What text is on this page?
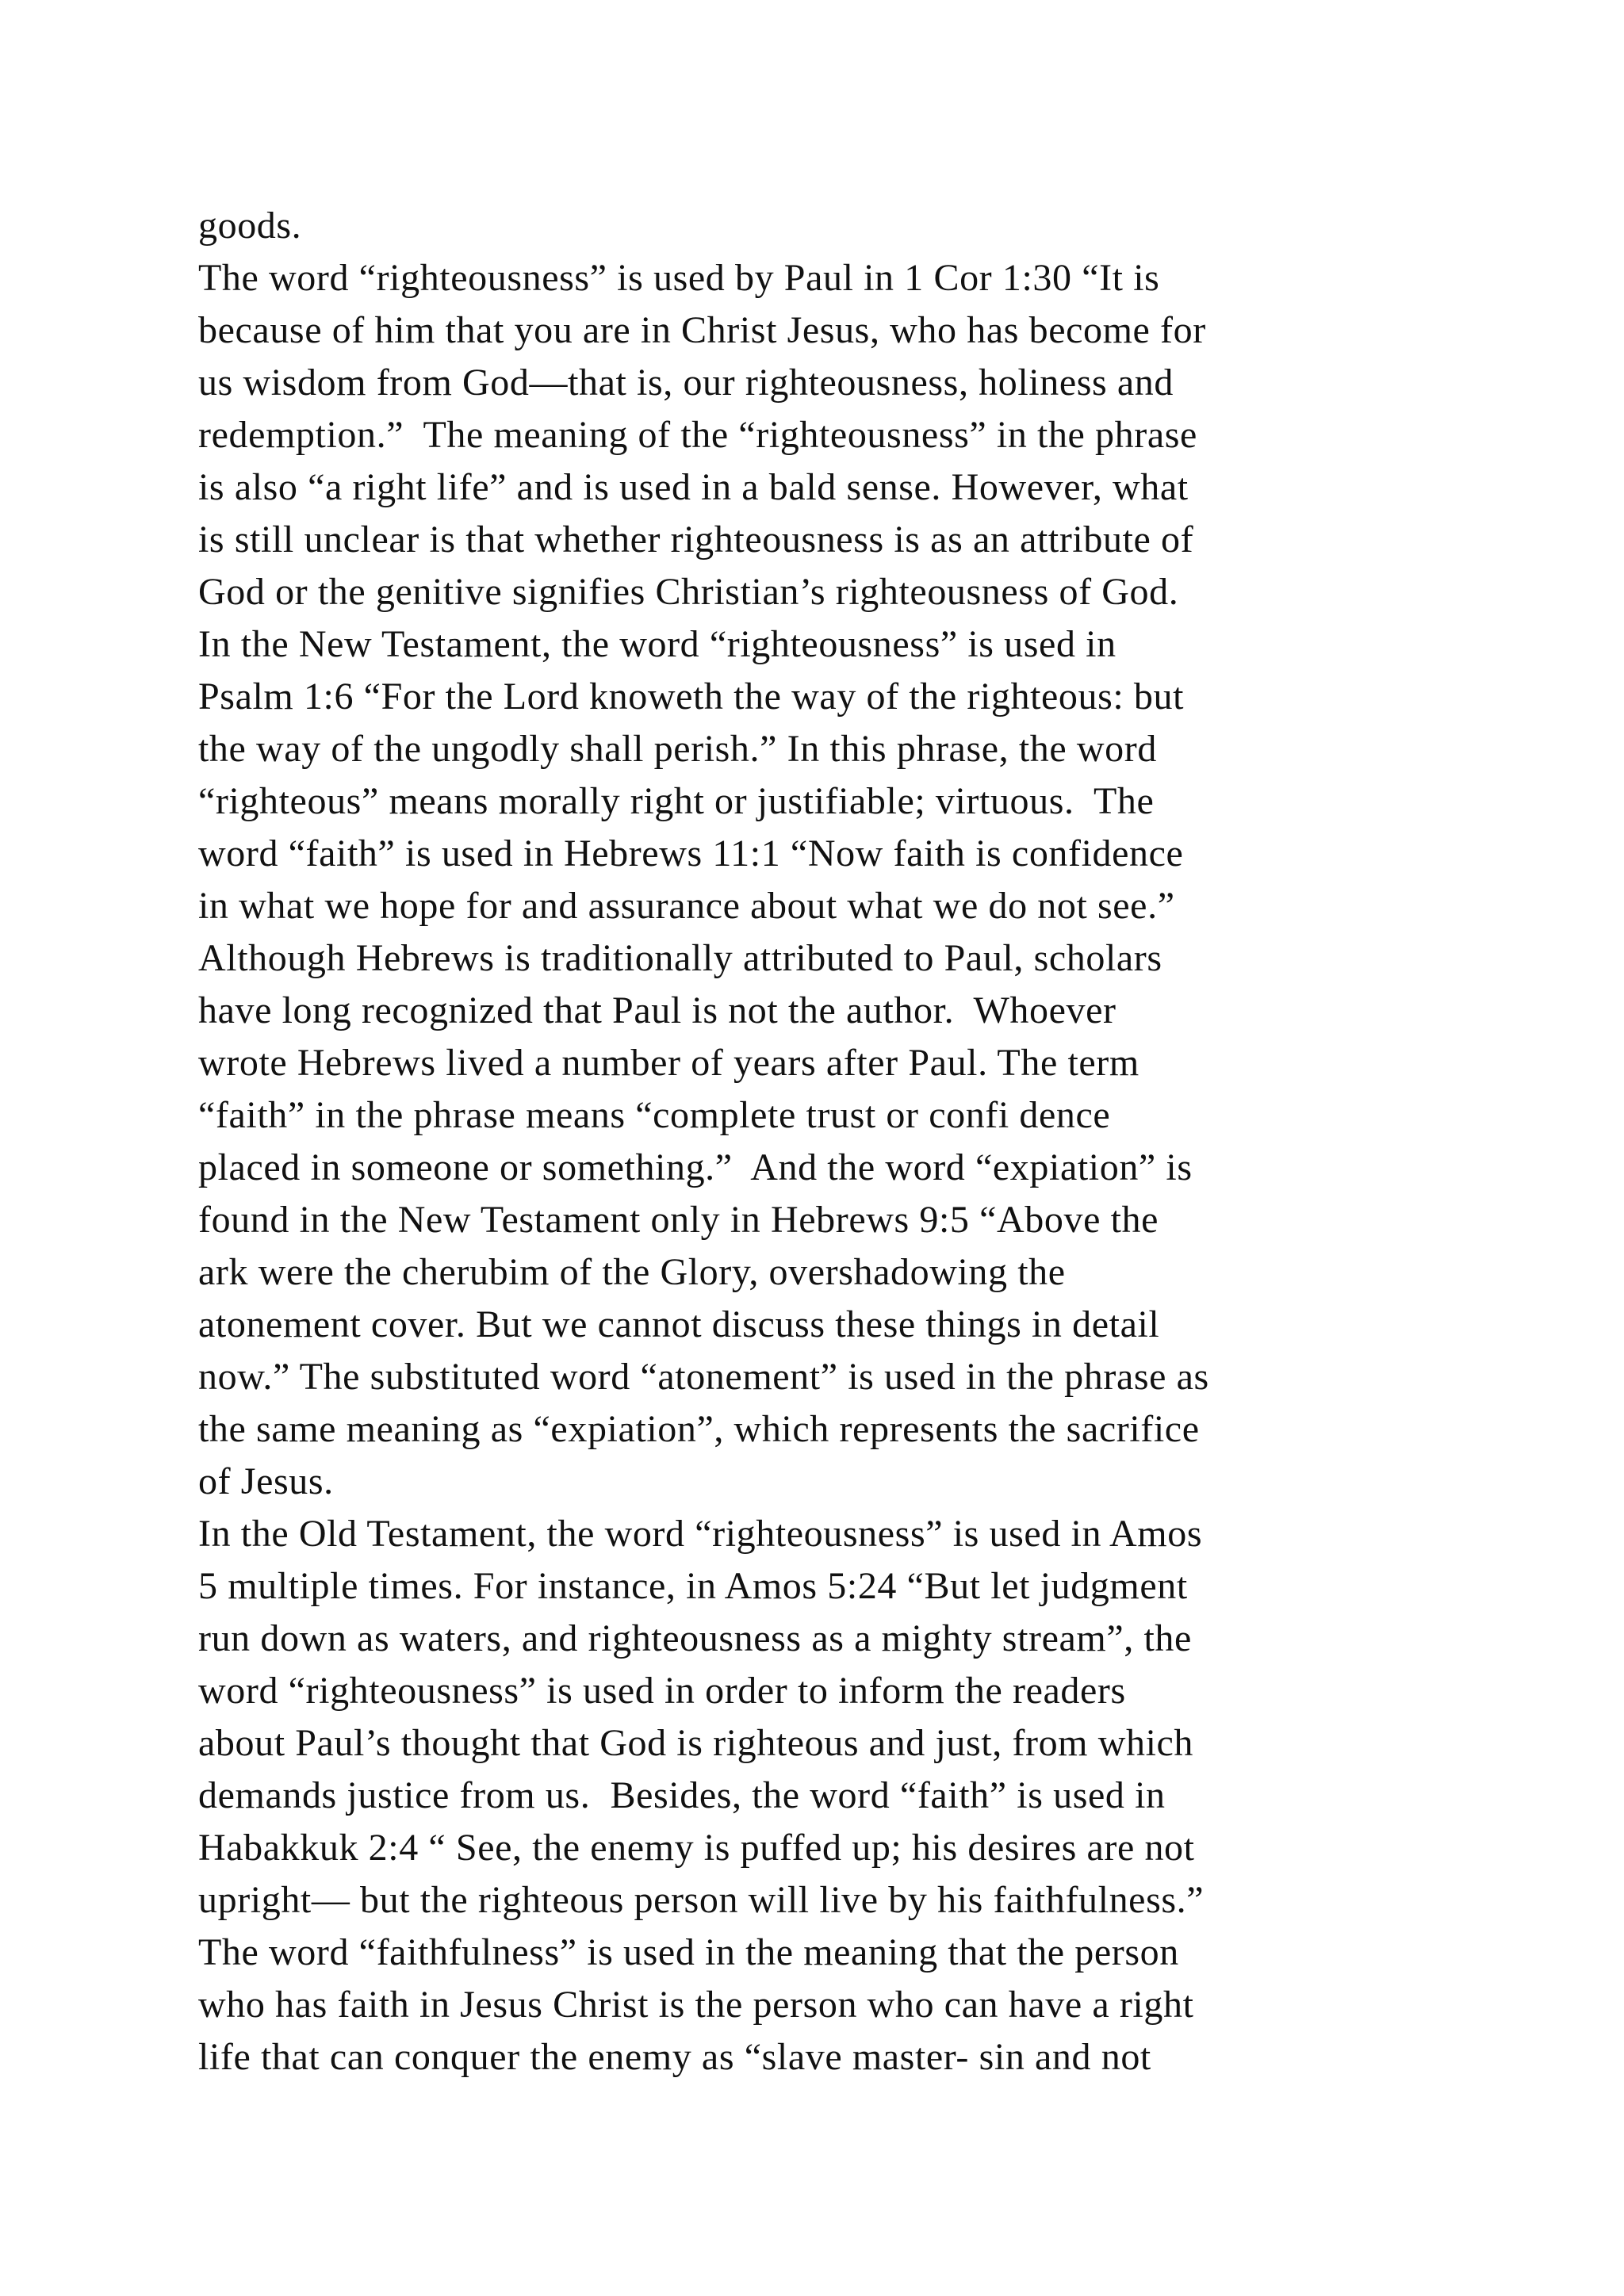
goods.
The word “righteousness” is used by Paul in 1 Cor 1:30 “It is
because of him that you are in Christ Jesus, who has become for
us wisdom from God—that is, our righteousness, holiness and
redemption.”  The meaning of the “righteousness” in the phrase
is also “a right life” and is used in a bald sense. However, what
is still unclear is that whether righteousness is as an attribute of
God or the genitive signifies Christian’s righteousness of God.
In the New Testament, the word “righteousness” is used in
Psalm 1:6 “For the Lord knoweth the way of the righteous: but
the way of the ungodly shall perish.” In this phrase, the word
“righteous” means morally right or justifiable; virtuous.  The
word “faith” is used in Hebrews 11:1 “Now faith is confidence
in what we hope for and assurance about what we do not see.”
Although Hebrews is traditionally attributed to Paul, scholars
have long recognized that Paul is not the author.  Whoever
wrote Hebrews lived a number of years after Paul. The term
“faith” in the phrase means “complete trust or confi dence
placed in someone or something.”  And the word “expiation” is
found in the New Testament only in Hebrews 9:5 “Above the
ark were the cherubim of the Glory, overshadowing the
atonement cover. But we cannot discuss these things in detail
now.” The substituted word “atonement” is used in the phrase as
the same meaning as “expiation”, which represents the sacrifice
of Jesus.
In the Old Testament, the word “righteousness” is used in Amos
5 multiple times. For instance, in Amos 5:24 “But let judgment
run down as waters, and righteousness as a mighty stream”, the
word “righteousness” is used in order to inform the readers
about Paul’s thought that God is righteous and just, from which
demands justice from us.  Besides, the word “faith” is used in
Habakkuk 2:4 “ See, the enemy is puffed up; his desires are not
upright— but the righteous person will live by his faithfulness.”
The word “faithfulness” is used in the meaning that the person
who has faith in Jesus Christ is the person who can have a right
life that can conquer the enemy as “slave master- sin and not
